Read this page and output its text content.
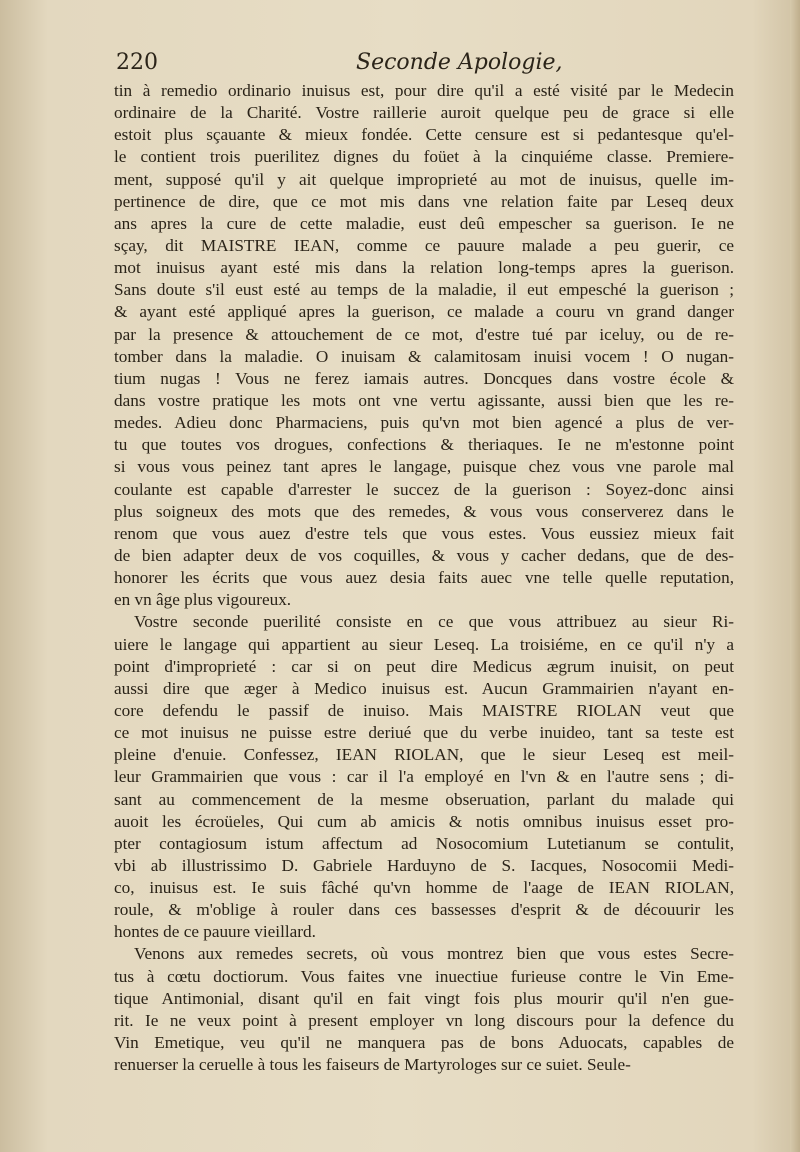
220	Seconde Apologie,
tin à remedio ordinario inuisus est, pour dire qu'il a esté visité par le Medecin
ordinaire de la Charité. Vostre raillerie auroit quelque peu de grace si elle
estoit plus sçauante & mieux fondée. Cette censure est si pedantesque qu'el-
le contient trois puerilitez dignes du foüet à la cinquiéme classe. Premiere-
ment, supposé qu'il y ait quelque improprieté au mot de inuisus, quelle im-
pertinence de dire, que ce mot mis dans vne relation faite par Leseq deux
ans apres la cure de cette maladie, eust deû empescher sa guerison. Ie ne
sçay, dit MAISTRE IEAN, comme ce pauure malade a peu guerir, ce
mot inuisus ayant esté mis dans la relation long-temps apres la guerison.
Sans doute s'il eust esté au temps de la maladie, il eut empesché la guerison ;
& ayant esté appliqué apres la guerison, ce malade a couru vn grand danger
par la presence & attouchement de ce mot, d'estre tué par iceluy, ou de re-
tomber dans la maladie. O inuisam & calamitosam inuisi vocem ! O nugan-
tium nugas ! Vous ne ferez iamais autres. Doncques dans vostre école &
dans vostre pratique les mots ont vne vertu agissante, aussi bien que les re-
medes. Adieu donc Pharmaciens, puis qu'vn mot bien agencé a plus de ver-
tu que toutes vos drogues, confections & theriaques. Ie ne m'estonne point
si vous vous peinez tant apres le langage, puisque chez vous vne parole mal
coulante est capable d'arrester le succez de la guerison : Soyez-donc ainsi
plus soigneux des mots que des remedes, & vous vous conserverez dans le
renom que vous auez d'estre tels que vous estes. Vous eussiez mieux fait
de bien adapter deux de vos coquilles, & vous y cacher dedans, que de des-
honorer les écrits que vous auez desia faits auec vne telle quelle reputation,
en vn âge plus vigoureux.
Vostre seconde puerilité consiste en ce que vous attribuez au sieur Ri-
uiere le langage qui appartient au sieur Leseq. La troisiéme, en ce qu'il n'y a
point d'improprieté : car si on peut dire Medicus ægrum inuisit, on peut
aussi dire que æger à Medico inuisus est. Aucun Grammairien n'ayant en-
core defendu le passif de inuiso. Mais MAISTRE RIOLAN veut que
ce mot inuisus ne puisse estre deriué que du verbe inuideo, tant sa teste est
pleine d'enuie. Confessez, IEAN RIOLAN, que le sieur Leseq est meil-
leur Grammairien que vous : car il l'a employé en l'vn & en l'autre sens ; di-
sant au commencement de la mesme obseruation, parlant du malade qui
auoit les écroüeles, Qui cum ab amicis & notis omnibus inuisus esset pro-
pter contagiosum istum affectum ad Nosocomium Lutetianum se contulit,
vbi ab illustrissimo D. Gabriele Harduyno de S. Iacques, Nosocomii Medi-
co, inuisus est. Ie suis fâché qu'vn homme de l'aage de IEAN RIOLAN,
roule, & m'oblige à rouler dans ces bassesses d'esprit & de découurir les
hontes de ce pauure vieillard.
Venons aux remedes secrets, où vous montrez bien que vous estes Secre-
tus à cœtu doctiorum. Vous faites vne inuectiue furieuse contre le Vin Eme-
tique Antimonial, disant qu'il en fait vingt fois plus mourir qu'il n'en gue-
rit. Ie ne veux point à present employer vn long discours pour la defence du
Vin Emetique, veu qu'il ne manquera pas de bons Aduocats, capables de
renuerser la ceruelle à tous les faiseurs de Martyrologes sur ce suiet. Seule-
